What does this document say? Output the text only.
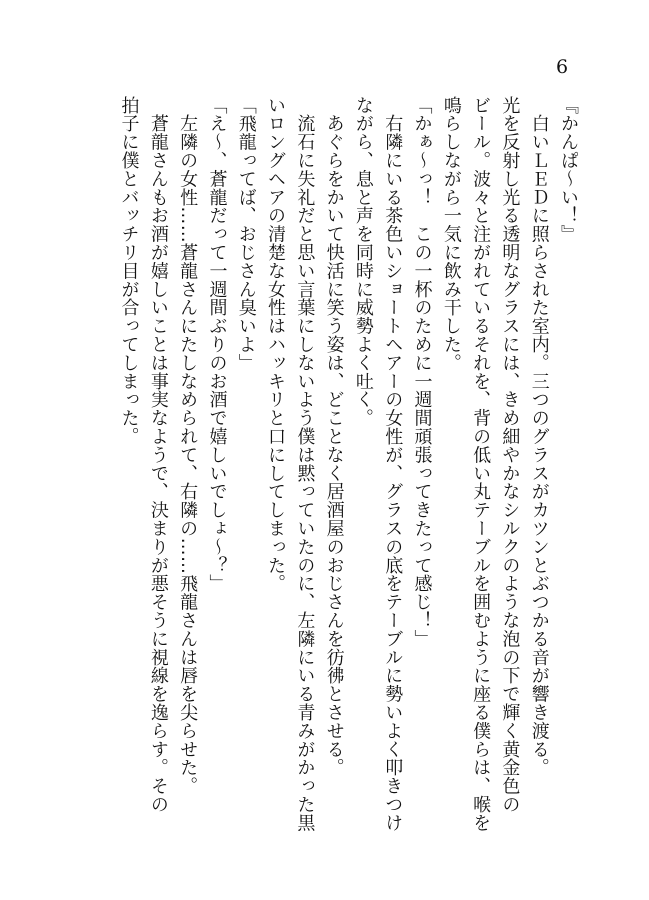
6

『かんぱ～い！』

　白いＬＥＤに照らされた室内。三つのグラスがカツンとぶつかる音が響き渡る。

光を反射し光る透明なグラスには、きめ細やかなシルクのような泡の下で輝く黄金色の

ビール。波々と注がれているそれを、背の低い丸テーブルを囲むように座る僕らは、喉を

鳴らしながら一気に飲み干した。

「かぁ～っ！　この一杯のために一週間頑張ってきたって感じ！」

　右隣にいる茶色いショートヘアーの女性が、グラスの底をテーブルに勢いよく叩きつけ

ながら、息と声を同時に威勢よく吐く。

　あぐらをかいて快活に笑う姿は、どことなく居酒屋のおじさんを彷彿とさせる。

　流石に失礼だと思い言葉にしないよう僕は黙っていたのに、左隣にいる青みがかった黒

いロングヘアの清楚な女性はハッキリと口にしてしまった。

「飛龍ってば、おじさん臭いよ」

「え～、蒼龍だって一週間ぶりのお酒で嬉しいでしょ～？」

　左隣の女性……蒼龍さんにたしなめられて、右隣の……飛龍さんは唇を尖らせた。

　蒼龍さんもお酒が嬉しいことは事実なようで、決まりが悪そうに視線を逸らす。その

拍子に僕とバッチリ目が合ってしまった。
